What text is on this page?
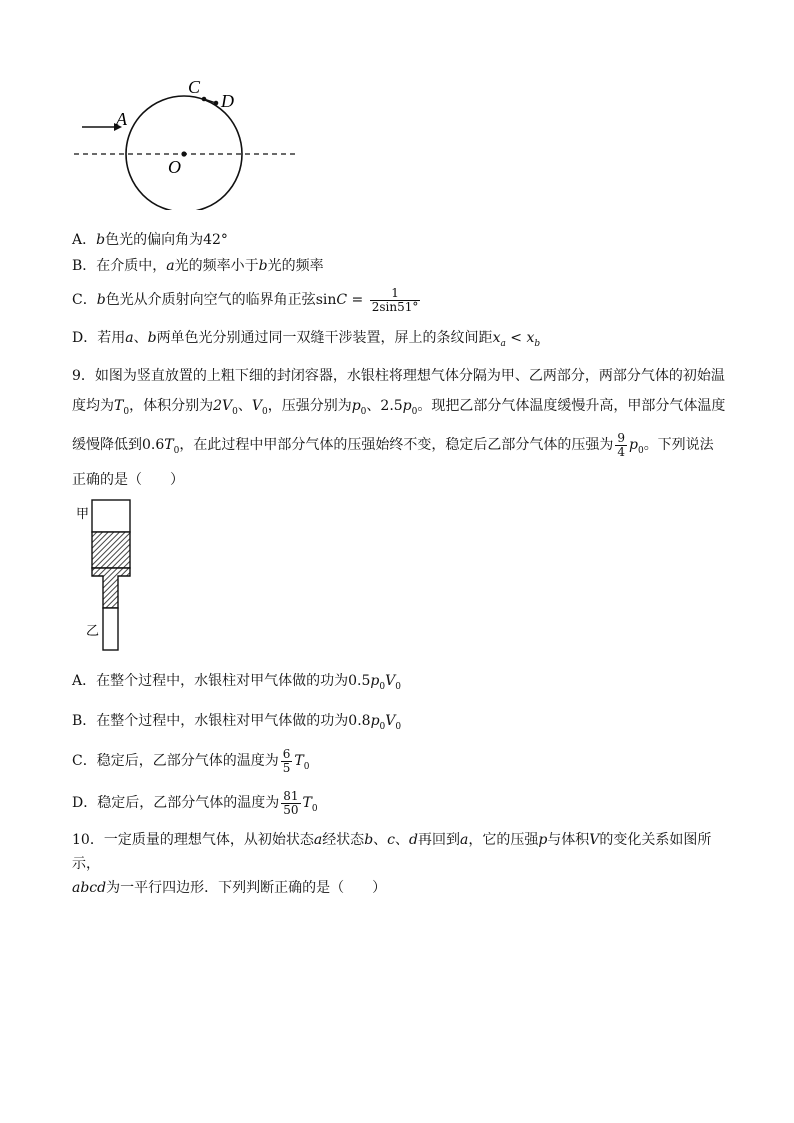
A
C
D
O
A．b色光的偏向角为42°
B．在介质中，a光的频率小于b光的频率
C．b色光从介质射向空气的临界角正弦$\sin C = \frac{1}{2\sin 51^\circ}$
D．若用a、b两单色光分别通过同一双缝干涉装置，屏上的条纹间距$x_a < x_b$
9．如图为竖直放置的上粗下细的封闭容器，水银柱将理想气体分隔为甲、乙两部分，两部分气体的初始温
度均为$T_0$，体积分别为$2V_0$、$V_0$，压强分别为$p_0$、$2.5p_0$。现把乙部分气体温度缓慢升高，甲部分气体温度
缓慢降低到$0.6T_0$，在此过程中甲部分气体的压强始终不变，稳定后乙部分气体的压强为 $\frac{9}{4} p_0$。下列说法
正确的是（　　）
甲
乙
A．在整个过程中，水银柱对甲气体做的功为$0.5p_0V_0$
B．在整个过程中，水银柱对甲气体做的功为$0.8p_0V_0$
C．稳定后，乙部分气体的温度为 $\frac{6}{5} T_0$
D．稳定后，乙部分气体的温度为 $\frac{81}{50} T_0$
10．一定质量的理想气体，从初始状态a经状态b、c、d再回到a，它的压强p与体积V的变化关系如图所
示，
abcd为一平行四边形．下列判断正确的是（　　）
